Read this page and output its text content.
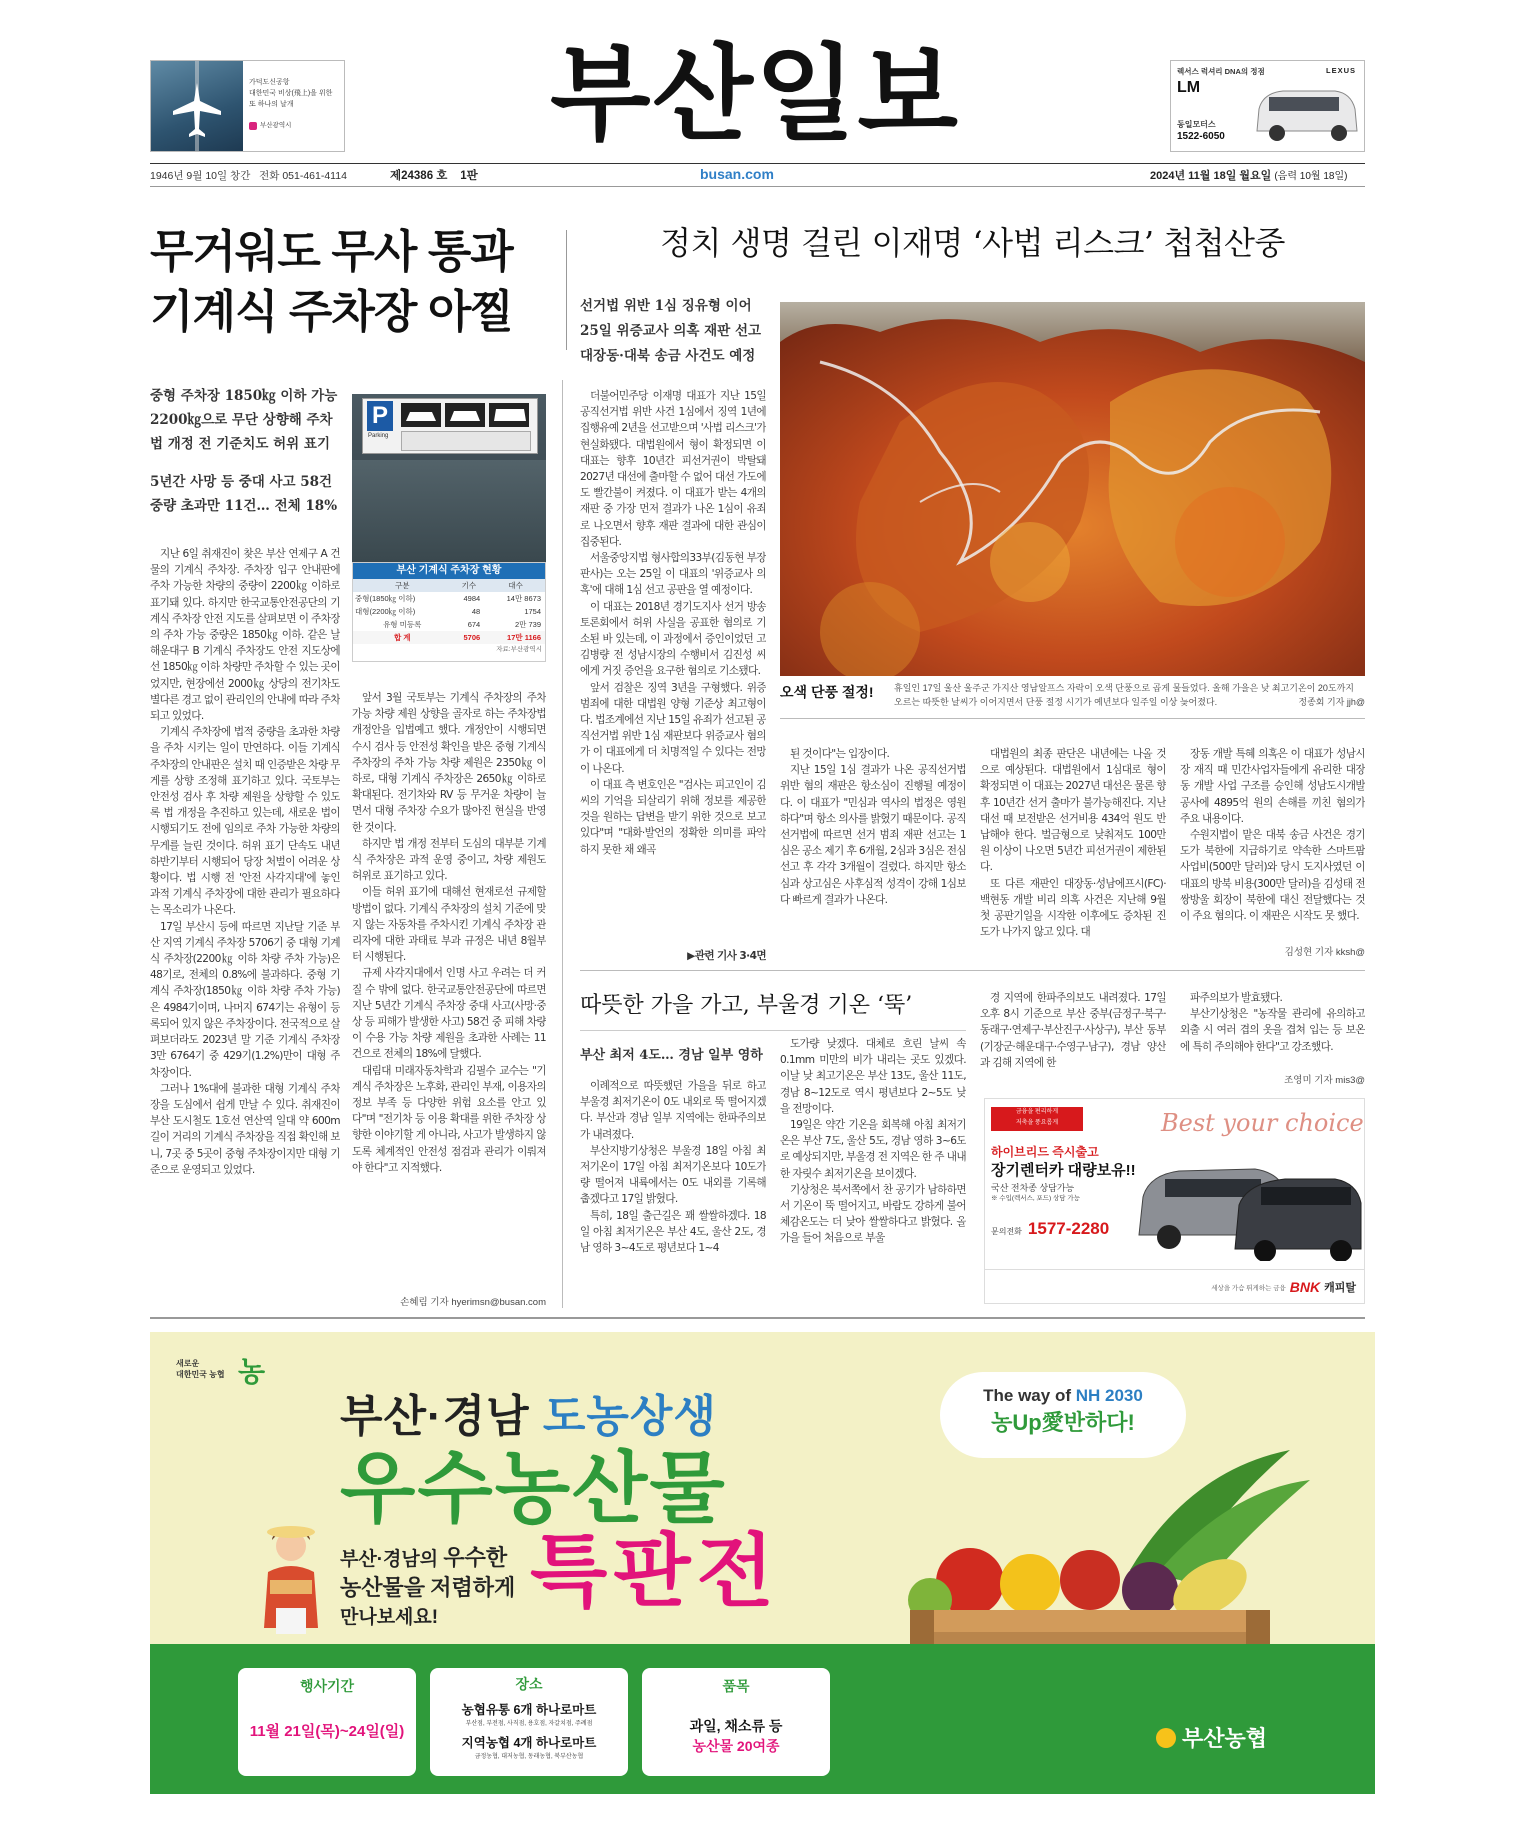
가덕도신공항
대한민국 비상(飛上)을 위한
또 하나의 날개
부산광역시 부산일보	렉서스 럭셔리 DNA의 정점	LEXUS
LM
동일모터스
1522-6050
1946년 9월 10일 창간 전화 051-461-4114	제24386 호 1판	busan.com	2024년 11월 18일 월요일 (음력 10월 18일)
무거워도 무사 통과
기계식 주차장 아찔
중형 주차장 1850㎏ 이하 가능
2200㎏으로 무단 상향해 주차
법 개정 전 기준치도 허위 표기
5년간 사망 등 중대 사고 58건
중량 초과만 11건… 전체 18%
P
Parking
부산 기계식 주차장 현황
구분	기수	대수
중형(1850㎏ 이하)	4984	14만 8673
대형(2200㎏ 이하)	48	1754
유형 미등록	674	2만 739
합 계	5706	17만 1166
자료:부산광역시

지난 6일 취재진이 찾은 부산 연제구 A 건물의 기계식 주차장. 주차장 입구 안내판에 주차 가능한 차량의 중량이 2200㎏ 이하로 표기돼 있다. 하지만 한국교통안전공단의 기계식 주차장 안전 지도를 살펴보면 이 주차장의 주차 가능 중량은 1850㎏ 이하. 같은 날 해운대구 B 기계식 주차장도 안전 지도상에선 1850㎏ 이하 차량만 주차할 수 있는 곳이었지만, 현장에선 2000㎏ 상당의 전기차도 별다른 경고 없이 관리인의 안내에 따라 주차되고 있었다.

기계식 주차장에 법적 중량을 초과한 차량을 주차 시키는 일이 만연하다. 이들 기계식 주차장의 안내판은 설치 때 인증받은 차량 무게를 상향 조정해 표기하고 있다. 국토부는 안전성 검사 후 차량 제원을 상향할 수 있도록 법 개정을 추진하고 있는데, 새로운 법이 시행되기도 전에 임의로 주차 가능한 차량의 무게를 늘린 것이다. 허위 표기 단속도 내년 하반기부터 시행되어 당장 처벌이 어려운 상황이다. 법 시행 전 '안전 사각지대'에 놓인 과적 기계식 주차장에 대한 관리가 필요하다는 목소리가 나온다.

17일 부산시 등에 따르면 지난달 기준 부산 지역 기계식 주차장 5706기 중 대형 기계식 주차장(2200㎏ 이하 차량 주차 가능)은 48기로, 전체의 0.8%에 불과하다. 중형 기계식 주차장(1850㎏ 이하 차량 주차 가능)은 4984기이며, 나머지 674기는 유형이 등록되어 있지 않은 주차장이다. 전국적으로 살펴보더라도 2023년 말 기준 기계식 주차장 3만 6764기 중 429기(1.2%)만이 대형 주차장이다.

그러나 1%대에 불과한 대형 기계식 주차장을 도심에서 쉽게 만날 수 있다. 취재진이 부산 도시철도 1호선 연산역 일대 약 600m 길이 거리의 기계식 주차장을 직접 확인해 보니, 7곳 중 5곳이 중형 주차장이지만 대형 기준으로 운영되고 있었다.

앞서 3월 국토부는 기계식 주차장의 주차 가능 차량 제원 상향을 골자로 하는 주차장법 개정안을 입법예고 했다. 개정안이 시행되면 수시 검사 등 안전성 확인을 받은 중형 기계식 주차장의 주차 가능 차량 제원은 2350㎏ 이하로, 대형 기계식 주차장은 2650㎏ 이하로 확대된다. 전기차와 RV 등 무거운 차량이 늘면서 대형 주차장 수요가 많아진 현실을 반영한 것이다.

하지만 법 개정 전부터 도심의 대부분 기계식 주차장은 과적 운영 중이고, 차량 제원도 허위로 표기하고 있다.

이들 허위 표기에 대해선 현재로선 규제할 방법이 없다. 기계식 주차장의 설치 기준에 맞지 않는 자동차를 주차시킨 기계식 주차장 관리자에 대한 과태료 부과 규정은 내년 8월부터 시행된다.

규제 사각지대에서 인명 사고 우려는 더 커질 수 밖에 없다. 한국교통안전공단에 따르면 지난 5년간 기계식 주차장 중대 사고(사망·중상 등 피해가 발생한 사고) 58건 중 피해 차량이 수용 가능 차량 제원을 초과한 사례는 11건으로 전체의 18%에 달했다.

대림대 미래자동차학과 김필수 교수는 "기계식 주차장은 노후화, 관리인 부재, 이용자의 정보 부족 등 다양한 위험 요소를 안고 있다"며 "전기차 등 이용 확대를 위한 주차장 상향한 이야기할 게 아니라, 사고가 발생하지 않도록 체계적인 안전성 점검과 관리가 이뤄져야 한다"고 지적했다.

손혜림 기자 hyerimsn@busan.com
정치 생명 걸린 이재명 ‘사법 리스크’ 첩첩산중
선거법 위반 1심 징유형 이어
25일 위증교사 의혹 재판 선고
대장동·대북 송금 사건도 예정

더불어민주당 이재명 대표가 지난 15일 공직선거법 위반 사건 1심에서 징역 1년에 집행유예 2년을 선고받으며 '사법 리스크'가 현실화됐다. 대법원에서 형이 확정되면 이 대표는 향후 10년간 피선거권이 박탈돼 2027년 대선에 출마할 수 없어 대선 가도에도 빨간불이 켜졌다. 이 대표가 받는 4개의 재판 중 가장 먼저 결과가 나온 1심이 유죄로 나오면서 향후 재판 결과에 대한 관심이 집중된다.

서울중앙지법 형사합의33부(김동현 부장판사)는 오는 25일 이 대표의 '위증교사 의혹'에 대해 1심 선고 공판을 열 예정이다.

이 대표는 2018년 경기도지사 선거 방송 토론회에서 허위 사실을 공표한 혐의로 기소된 바 있는데, 이 과정에서 증인이었던 고 김병량 전 성남시장의 수행비서 김진성 씨에게 거짓 증언을 요구한 혐의로 기소됐다.

앞서 검찰은 징역 3년을 구형했다. 위증 범죄에 대한 대법원 양형 기준상 최고형이다. 법조계에선 지난 15일 유죄가 선고된 공직선거법 위반 1심 재판보다 위증교사 혐의가 이 대표에게 더 치명적일 수 있다는 전망이 나온다.

이 대표 측 변호인은 "검사는 피고인이 김 씨의 기억을 되살리기 위해 정보를 제공한 것을 원하는 답변을 받기 위한 것으로 보고 있다"며 "대화·발언의 정확한 의미를 파악하지 못한 채 왜곡

▶관련 기사 3·4면
오색 단풍 절정! 휴일인 17일 울산 울주군 가지산 영남알프스 자락이 오색 단풍으로 곱게 물들었다. 올해 가을은 낮 최고기온이 20도까지 오르는 따뜻한 날씨가 이어지면서 단풍 절정 시기가 예년보다 일주일 이상 늦어졌다.	정종회 기자 jjh@

된 것이다"는 입장이다.

지난 15일 1심 결과가 나온 공직선거법 위반 혐의 재판은 항소심이 진행될 예정이다. 이 대표가 "민심과 역사의 법정은 영원하다"며 항소 의사를 밝혔기 때문이다. 공직선거법에 따르면 선거 범죄 재판 선고는 1심은 공소 제기 후 6개월, 2심과 3심은 전심 선고 후 각각 3개월이 걸렸다. 하지만 항소심과 상고심은 사후심적 성격이 강해 1심보다 빠르게 결과가 나온다.

대법원의 최종 판단은 내년에는 나올 것으로 예상된다. 대법원에서 1심대로 형이 확정되면 이 대표는 2027년 대선은 물론 향후 10년간 선거 출마가 불가능해진다. 지난 대선 때 보전받은 선거비용 434억 원도 반납해야 한다. 벌금형으로 낮춰져도 100만 원 이상이 나오면 5년간 피선거권이 제한된다.

또 다른 재판인 대장동·성남에프시(FC)·백현동 개발 비리 의혹 사건은 지난해 9월 첫 공판기일을 시작한 이후에도 증차된 진도가 나가지 않고 있다. 대

장동 개발 특혜 의혹은 이 대표가 성남시장 재직 때 민간사업자들에게 유리한 대장동 개발 사업 구조를 승인해 성남도시개발공사에 4895억 원의 손해를 끼친 혐의가 주요 내용이다.

수원지법이 맡은 대북 송금 사건은 경기도가 북한에 지급하기로 약속한 스마트팜 사업비(500만 달러)와 당시 도지사였던 이 대표의 방북 비용(300만 달러)을 김성태 전 쌍방울 회장이 북한에 대신 전달했다는 것이 주요 혐의다. 이 재판은 시작도 못 했다.

김성현 기자 kksh@
따뜻한 가을 가고, 부울경 기온 ‘뚝’
부산 최저 4도… 경남 일부 영하

이례적으로 따뜻했던 가을을 뒤로 하고 부울경 최저기온이 0도 내외로 뚝 떨어지겠다. 부산과 경남 일부 지역에는 한파주의보가 내려졌다.

부산지방기상청은 부울경 18일 아침 최저기온이 17일 아침 최저기온보다 10도가량 떨어져 내륙에서는 0도 내외를 기록해 춥겠다고 17일 밝혔다.

특히, 18일 출근길은 꽤 쌀쌀하겠다. 18일 아침 최저기온은 부산 4도, 울산 2도, 경남 영하 3~4도로 평년보다 1~4

도가량 낮겠다. 대체로 흐린 날씨 속 0.1mm 미만의 비가 내리는 곳도 있겠다. 이날 낮 최고기온은 부산 13도, 울산 11도, 경남 8~12도로 역시 평년보다 2~5도 낮을 전망이다.

19일은 약간 기온을 회복해 아침 최저기온은 부산 7도, 울산 5도, 경남 영하 3~6도로 예상되지만, 부울경 전 지역은 한 주 내내 한 자릿수 최저기온을 보이겠다.

기상청은 북서쪽에서 찬 공기가 남하하면서 기온이 뚝 떨어지고, 바람도 강하게 불어 체감온도는 더 낮아 쌀쌀하다고 밝혔다. 올가을 들어 처음으로 부울

경 지역에 한파주의보도 내려졌다. 17일 오후 8시 기준으로 부산 중부(금정구·북구·동래구·연제구·부산진구·사상구), 부산 동부(기장군·해운대구·수영구·남구), 경남 양산과 김해 지역에 한

파주의보가 발효됐다.

부산기상청은 "농작물 관리에 유의하고 외출 시 여러 겹의 옷을 겹쳐 입는 등 보온에 특히 주의해야 한다"고 강조했다.

조영미 기자 mis3@
금융을 편리하게
저축을 풍요롭게	Best your choice
하이브리드 즉시출고
장기렌터카 대량보유!!
국산 전차종 상담가능
※ 수입(렉서스, 포드) 상담 가능
문의전화 1577-2280
세상을 가슴 뛰게하는 금융 BNK 캐피탈
새로운
대한민국 농협 농
부산·경남 도농상생
우수농산물
부산·경남의 우수한
농산물을 저렴하게
만나보세요!
특판전
The way of NH 2030
농Up愛반하다!
행사기간
11월 21일(목)~24일(일)
장소
농협유통 6개 하나로마트
부산점, 부전점, 사직점, 용호점, 자갈치점, 주례점
지역농협 4개 하나로마트
금정농협, 대저농협, 동래농협, 북부산농협
품목
과일, 채소류 등
농산물 20여종	부산농협
